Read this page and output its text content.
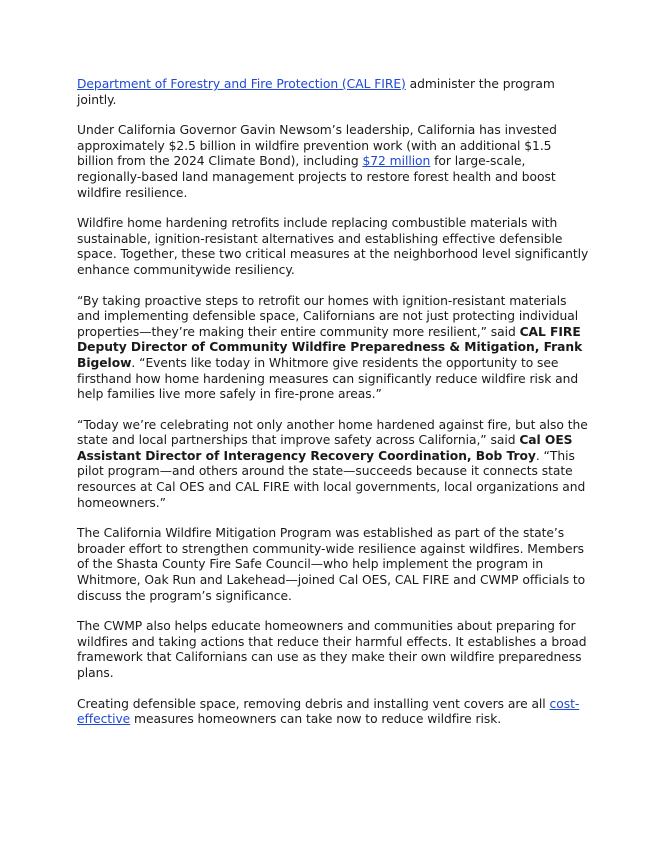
Department of Forestry and Fire Protection (CAL FIRE) administer the program jointly.

Under California Governor Gavin Newsom’s leadership, California has invested approximately $2.5 billion in wildfire prevention work (with an additional $1.5 billion from the 2024 Climate Bond), including $72 million for large-scale, regionally-based land management projects to restore forest health and boost wildfire resilience.

Wildfire home hardening retrofits include replacing combustible materials with sustainable, ignition-resistant alternatives and establishing effective defensible space. Together, these two critical measures at the neighborhood level significantly enhance communitywide resiliency.

“By taking proactive steps to retrofit our homes with ignition-resistant materials and implementing defensible space, Californians are not just protecting individual properties—they’re making their entire community more resilient,” said CAL FIRE Deputy Director of Community Wildfire Preparedness & Mitigation, Frank Bigelow. “Events like today in Whitmore give residents the opportunity to see firsthand how home hardening measures can significantly reduce wildfire risk and help families live more safely in fire-prone areas.”

“Today we’re celebrating not only another home hardened against fire, but also the state and local partnerships that improve safety across California,” said Cal OES Assistant Director of Interagency Recovery Coordination, Bob Troy. “This pilot program—and others around the state—succeeds because it connects state resources at Cal OES and CAL FIRE with local governments, local organizations and homeowners.”

The California Wildfire Mitigation Program was established as part of the state’s broader effort to strengthen community-wide resilience against wildfires. Members of the Shasta County Fire Safe Council—who help implement the program in Whitmore, Oak Run and Lakehead—joined Cal OES, CAL FIRE and CWMP officials to discuss the program’s significance.

The CWMP also helps educate homeowners and communities about preparing for wildfires and taking actions that reduce their harmful effects. It establishes a broad framework that Californians can use as they make their own wildfire preparedness plans.

Creating defensible space, removing debris and installing vent covers are all cost-effective measures homeowners can take now to reduce wildfire risk.
